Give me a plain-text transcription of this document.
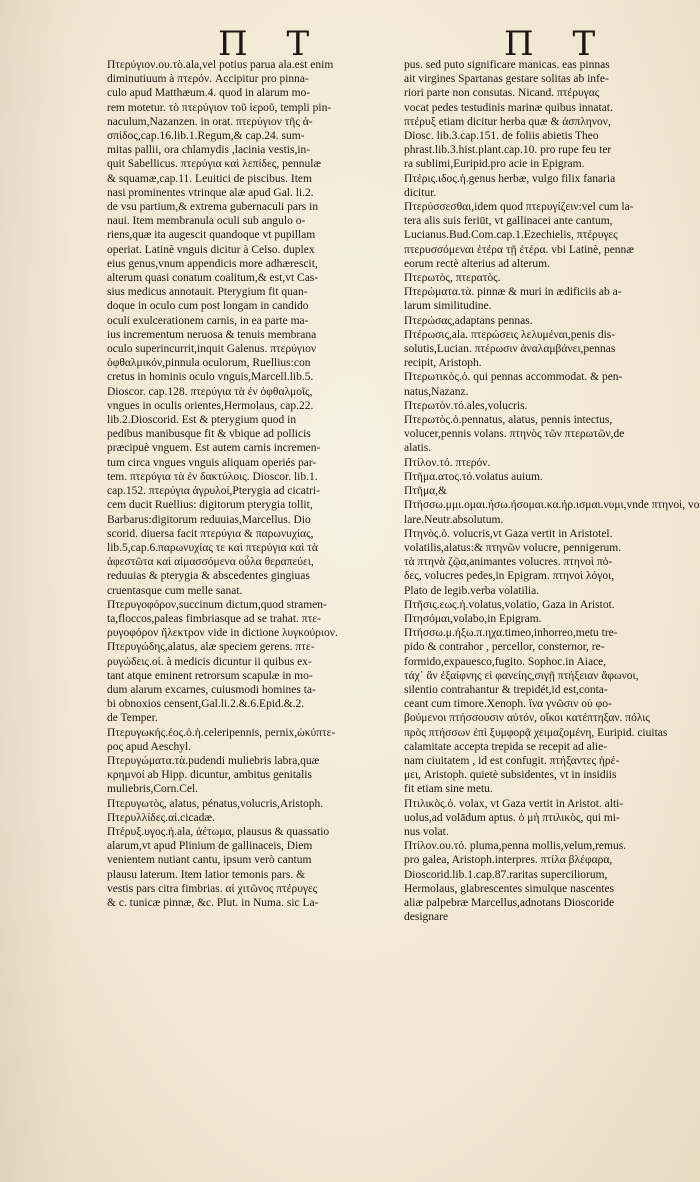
Π Τ	Π Τ
Πτερύγιον.ου.τὸ.ala,vel potius parua ala.est enim
diminutiuum à πτερόν. Accipitur pro pinna-
culo apud Matthæum.4. quod in alarum mo-
rem motetur. τὸ πτερύγιον τοῦ ἱεροῦ, templi pin-
naculum,Nazanzen. in orat. πτερύγιον τῆς ἀ-
σπίδος,cap.16.lib.1.Regum,& cap.24. sum-
mitas pallii, ora chlamydis ,lacinia vestis,in-
quit Sabellicus. πτερύγια καὶ λεπίδες, pennulæ
& squamæ,cap.11. Leuitici de piscibus. Item
nasi prominentes vtrinque alæ apud Gal. li.2.
de vsu partium,& extrema gubernaculi pars in
naui. Item membranula oculi sub angulo o-
riens,quæ ita augescit quandoque vt pupillam
operiat. Latinè vnguis dicitur à Celso. duplex
eius genus,vnum appendicis more adhærescit,
alterum quasi conatum coalitum,& est,vt Cas-
sius medicus annotauit. Pterygium fit quan-
doque in oculo cum post longam in candido
oculi exulcerationem carnis, in ea parte ma-
ius incrementum neruosa & tenuis membrana
oculo superincurrit,inquit Galenus. πτερύγιον
ὀφθαλμικόν,pinnula oculorum, Ruellius:con
cretus in hominis oculo vnguis,Marcell.lib.5.
Dioscor. cap.128. πτερύγια τὰ ἐν ὀφθαλμοῖς,
vngues in oculis orientes,Hermolaus, cap.22.
lib.2.Dioscorid. Est & pterygium quod in
pedibus manibusque fit & vbique ad pollicis
præcipuè vnguem. Est autem carnis incremen-
tum circa vngues vnguis aliquam operiés par-
tem. πτερύγια τὰ ἐν δακτύλοις. Dioscor. lib.1.
cap.152. πτερύγια ἀγρυλοί,Pterygia ad cicatri-
cem ducit Ruellius: digitorum pterygia tollit,
Barbarus:digitorum reduuias,Marcellus. Dio
scorid. diuersa facit πτερύγια & παρωνυχίας,
lib.5,cap.6.παρωνυχίας τε καὶ πτερύγια καὶ τὰ
ἀφεστῶτα καὶ αἱμασσόμενα οὖλα θεραπεύει,
reduuias & pterygia & abscedentes gingiuas
cruentasque cum melle sanat.
Πτερυγοφόρον,succinum dictum,quod stramen-
ta,floccos,paleas fimbriasque ad se trahat. πτε-
ρυγοφόρον ἤλεκτρον vide in dictione λυγκούριον.
Πτερυγώδης,alatus, alæ speciem gerens. πτε-
ρυγώδεις.οἱ. à medicis dicuntur ii quibus ex-
tant atque eminent retrorsum scapulæ in mo-
dum alarum excarnes, cuiusmodi homines ta-
bi obnoxios censent,Gal.li.2.&.6.Epid.&.2.
de Temper.
Πτερυγωκής.έος.ὁ.ἡ.celeripennis, pernix,ὠκύπτε-
ρος apud Aeschyl.
Πτερυγώματα.τὰ.pudendi muliebris labra,quæ
κρημνοί ab Hipp. dicuntur, ambitus genitalis
muliebris,Corn.Cel.
Πτερυγωτὸς, alatus, pénatus,volucris,Aristoph.
Πτερυλλίδες.αἱ.cicadæ.
Πτέρυξ.υγος.ἡ.ala, ἀέτωμα, plausus & quassatio
alarum,vt apud Plinium de gallinaceis, Diem
venientem nutiant cantu, ipsum verò cantum
plausu laterum. Item latior temonis pars. &
vestis pars citra fimbrias. αἱ χιτῶνος πτέρυγες
& c. tunicæ pinnæ, &c. Plut. in Numa. sic La-
pus. sed puto significare manicas. eas pinnas
ait virgines Spartanas gestare solitas ab infe-
riori parte non consutas. Nicand. πτέρυγας
vocat pedes testudinis marinæ quibus innatat.
πτέρυξ etiam dicitur herba quæ & ἀσπληνον,
Diosc. lib.3.cap.151. de foliis abietis Theo
phrast.lib.3.hist.plant.cap.10. pro rupe feu ter
ra sublimi,Euripid.pro acie in Epigram.
Πτέρις.ιδος.ἡ.genus herbæ, vulgo filix fanaria
dicitur.
Πτερύσσεσθαι,idem quod πτερυγίζειν:vel cum la-
tera alis suis feriūt, vt gallinacei ante cantum,
Lucianus.Bud.Com.cap.1.Ezechielis, πτέρυγες
πτερυσσόμεναι ἑτέρα τῇ ἑτέρα. vbi Latinè, pennæ
eorum rectè alterius ad alterum.
Πτερωτὸς, πτερατὸς.
Πτερώματα.τὰ. pinnæ & muri in ædificiis ab a-
larum similitudine.
Πτερώσας,adaptans pennas.
Πτέρωσις,ala. πτερώσεις λελυμέναι,penis dis-
solutis,Lucian. πτέρωσιν ἀναλαμβάνει,pennas
recipit, Aristoph.
Πτερωτικὸς.ὁ. qui pennas accommodat. & pen-
natus,Nazanz.
Πτερωτὸν.τό.ales,volucris.
Πτερωτὸς.ὁ.pennatus, alatus, pennis intectus,
volucer,pennis volans. πτηνὸς τῶν πτερωτῶν,de
alatis.
Πτίλον.τό. πτερόν.
Πτῆμα.ατος.τό.volatus auium.
Πτῆμα,&
Πτήσσω.μμι.ομαι.ήσω.ήσομαι.κα.ήρ.ισμαι.νυμι,vnde πτηνοὶ, vo
lare.Neutr.absolutum.
Πτηνὸς.ὁ. volucris,vt Gaza vertit in Aristotel.
volatilis,alatus:& πτηνῶν volucre, pennigerum.
τὰ πτηνὰ ζῷα,animantes volucres. πτηνοὶ πό-
δες, volucres pedes,in Epigram. πτηνοὶ λόγοι,
Plato de legib.verba volatilia.
Πτῆσις.εως.ἡ.volatus,volatio, Gaza in Aristot.
Πτησόμαι,volabo,in Epigram.
Πτήσσω.μ.ήξω.π.ηχα.timeo,inhorreo,metu tre-
pido & contrahor , percellor, consternor, re-
formido,expauesco,fugito. Sophoc.in Aiace,
τάχ᾽ ἂν ἐξαίφνης εἰ φανείης,σιγῇ πτήξειαν ἄφωνοι,
silentio contrahantur & trepidét,id est,conta-
ceant cum timore.Xenoph. ἵνα γνῶσιν οὐ φο-
βούμενοι πτήσσουσιν αὐτόν, οἴκοι κατέπτηξαν. πόλις
πρὸς πτήσσων ἐπὶ ξυμφορᾷ χειμαζομένη, Euripid. ciuitas
calamitate accepta trepida se recepit ad alie-
nam ciuitatem , id est confugit. πτήξαντες ἡρέ-
μει, Aristoph. quietè subsidentes, vt in insidiis
fit etiam sine metu.
Πτιλικὸς.ὁ. volax, vt Gaza vertit in Aristot. alti-
uolus,ad volādum aptus. ὁ μὴ πτιλικὸς, qui mi-
nus volat.
Πτίλον.ου.τό. pluma,penna mollis,velum,remus.
pro galea, Aristoph.interpres. πτίλα βλέφαρα,
Dioscorid.lib.1.cap.87.raritas superciliorum,
Hermolaus, glabrescentes simulque nascentes
aliæ palpebræ Marcellus,adnotans Dioscoride
designare
